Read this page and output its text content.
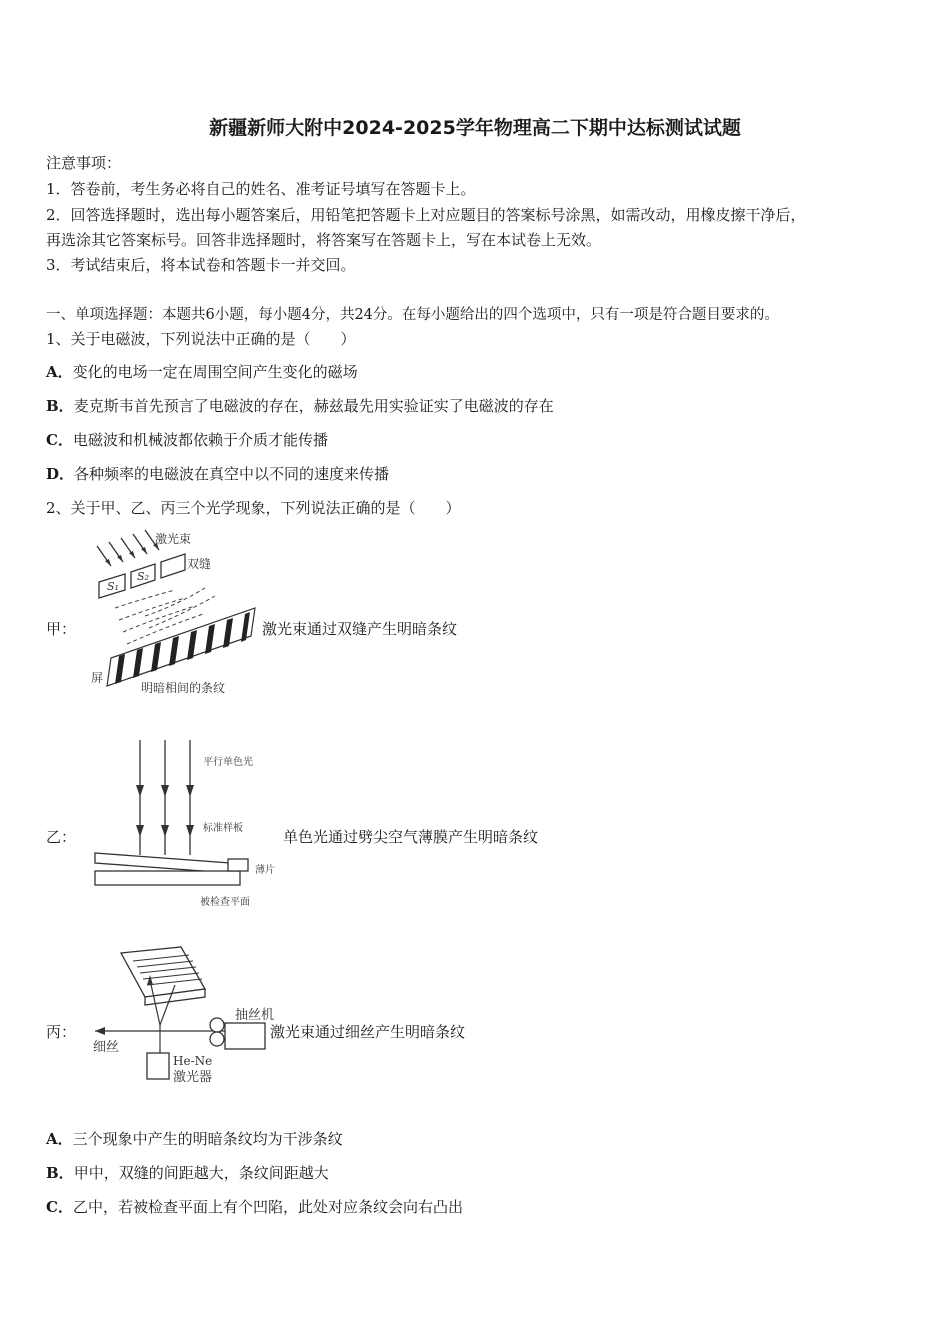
新疆新师大附中2024-2025学年物理高二下期中达标测试试题
注意事项：
1．答卷前，考生务必将自己的姓名、准考证号填写在答题卡上。
2．回答选择题时，选出每小题答案后，用铅笔把答题卡上对应题目的答案标号涂黑，如需改动，用橡皮擦干净后，
再选涂其它答案标号。回答非选择题时，将答案写在答题卡上，写在本试卷上无效。
3．考试结束后，将本试卷和答题卡一并交回。
一、单项选择题：本题共6小题，每小题4分，共24分。在每小题给出的四个选项中，只有一项是符合题目要求的。
1、关于电磁波，下列说法中正确的是（　　）
A．变化的电场一定在周围空间产生变化的磁场
B．麦克斯韦首先预言了电磁波的存在，赫兹最先用实验证实了电磁波的存在
C．电磁波和机械波都依赖于介质才能传播
D．各种频率的电磁波在真空中以不同的速度来传播
2、关于甲、乙、丙三个光学现象，下列说法正确的是（　　）
甲：
S₁
S₂
激光束
双缝
屏
明暗相间的条纹
激光束通过双缝产生明暗条纹
乙：
平行单色光
标准样板
薄片
被检查平面
单色光通过劈尖空气薄膜产生明暗条纹
丙：
抽丝机
细丝
He-Ne
激光器
激光束通过细丝产生明暗条纹
A．三个现象中产生的明暗条纹均为干涉条纹
B．甲中，双缝的间距越大，条纹间距越大
C．乙中，若被检查平面上有个凹陷，此处对应条纹会向右凸出
